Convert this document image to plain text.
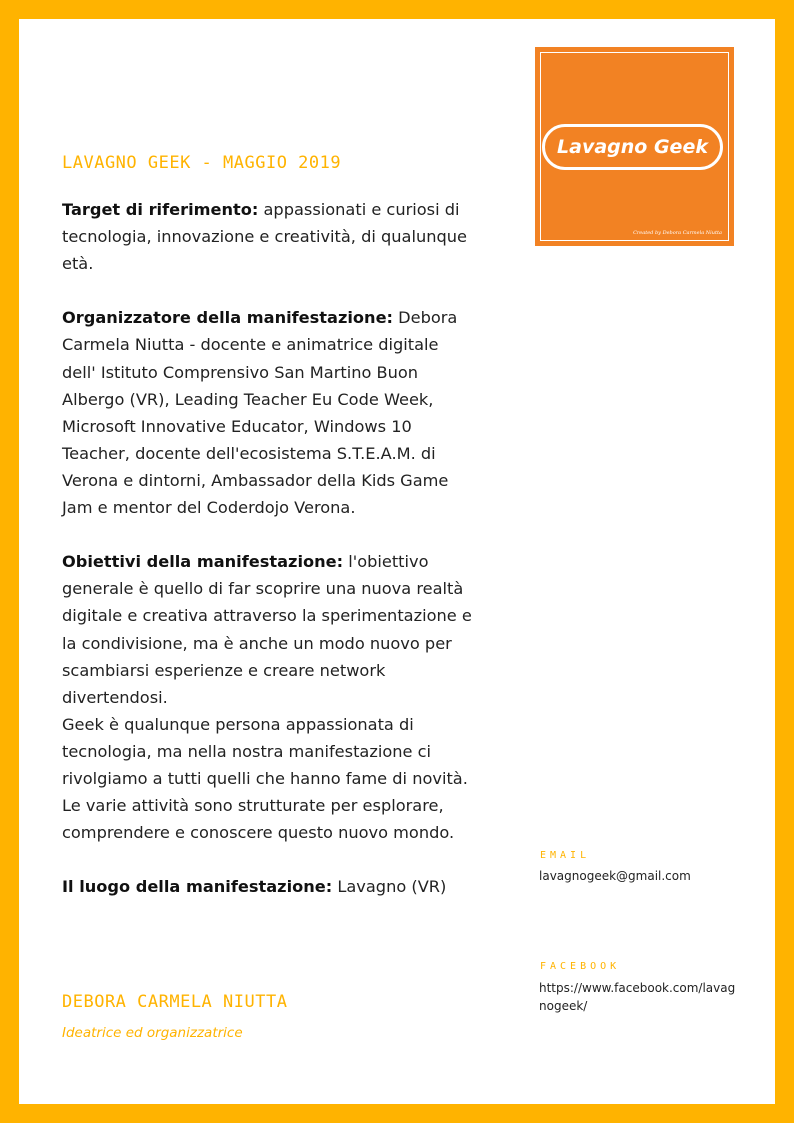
LAVAGNO GEEK - MAGGIO 2019
Lavagno Geek
Created by Debora Carmela Niutta

Target di riferimento: appassionati e curiosi di tecnologia, innovazione e creatività, di qualunque età.

Organizzatore della manifestazione: Debora Carmela Niutta - docente e animatrice digitale dell' Istituto Comprensivo San Martino Buon Albergo (VR), Leading Teacher Eu Code Week, Microsoft Innovative Educator, Windows 10 Teacher, docente dell'ecosistema S.T.E.A.M. di Verona e dintorni, Ambassador della Kids Game Jam e mentor del Coderdojo Verona.

Obiettivi della manifestazione: l'obiettivo generale è quello di far scoprire una nuova realtà digitale e creativa attraverso la sperimentazione e la condivisione, ma è anche un modo nuovo per scambiarsi esperienze e creare network divertendosi.

Geek è qualunque persona appassionata di tecnologia, ma nella nostra manifestazione ci rivolgiamo a tutti quelli che hanno fame di novità. Le varie attività sono strutturate per esplorare, comprendere e conoscere questo nuovo mondo.

Il luogo della manifestazione: Lavagno (VR)

EMAIL
lavagnogeek@gmail.com
FACEBOOK
https://www.facebook.com/lavagnogeek/
DEBORA CARMELA NIUTTA
Ideatrice ed organizzatrice
